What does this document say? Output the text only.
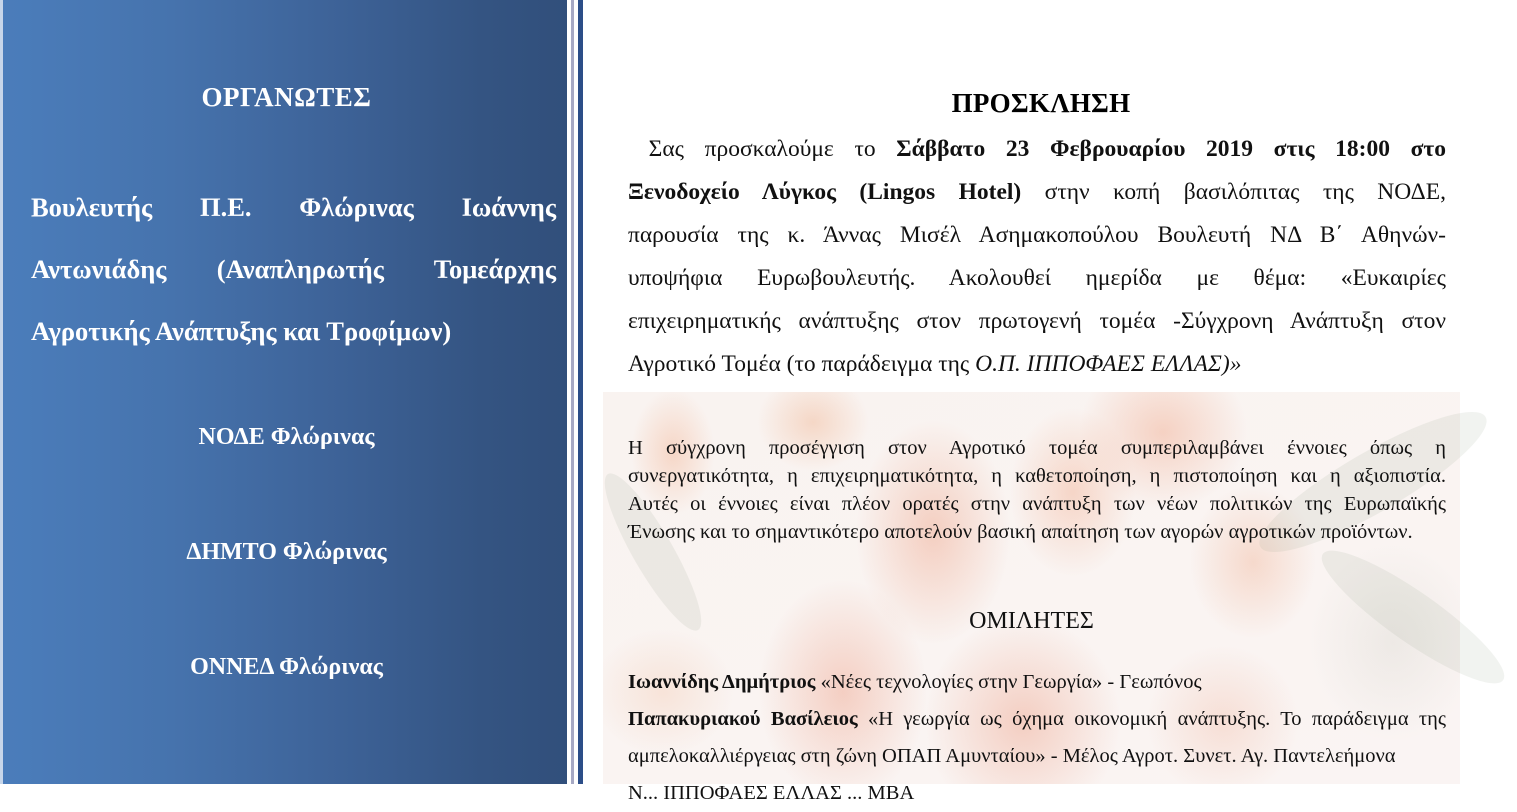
ΟΡΓΑΝΩΤΕΣ
Βουλευτής Π.Ε. Φλώρινας Ιωάννης
Αντωνιάδης (Αναπληρωτής Τομεάρχης
Αγροτικής Ανάπτυξης και Τροφίμων)
ΝΟΔΕ Φλώρινας
ΔΗΜΤΟ Φλώρινας
ΟΝΝΕΔ Φλώρινας
ΠΡΟΣΚΛΗΣΗ
Σας προσκαλούμε το Σάββατο 23 Φεβρουαρίου 2019 στις 18:00 στο
Ξενοδοχείο Λύγκος (Lingos Hotel) στην κοπή βασιλόπιτας της ΝΟΔΕ,
παρουσία της κ. Άννας Μισέλ Ασημακοπούλου Βουλευτή ΝΔ Β΄ Αθηνών-
υποψήφια Ευρωβουλευτής. Ακολουθεί ημερίδα με θέμα: «Ευκαιρίες
επιχειρηματικής ανάπτυξης στον πρωτογενή τομέα -Σύγχρονη Ανάπτυξη στον
Αγροτικό Τομέα (το παράδειγμα της Ο.Π. ΙΠΠΟΦΑΕΣ ΕΛΛΑΣ)»
Η σύγχρονη προσέγγιση στον Αγροτικό τομέα συμπεριλαμβάνει έννοιες όπως η
συνεργατικότητα, η επιχειρηματικότητα, η καθετοποίηση, η πιστοποίηση και η αξιοπιστία.
Αυτές οι έννοιες είναι πλέον ορατές στην ανάπτυξη των νέων πολιτικών της Ευρωπαϊκής
Ένωσης και το σημαντικότερο αποτελούν βασική απαίτηση των αγορών αγροτικών προϊόντων.
ΟΜΙΛΗΤΕΣ
Ιωαννίδης Δημήτριος «Νέες τεχνολογίες στην Γεωργία» - Γεωπόνος
Παπακυριακού Βασίλειος «Η γεωργία ως όχημα οικονομική ανάπτυξης. Το παράδειγμα της
αμπελοκαλλιέργειας στη ζώνη ΟΠΑΠ Αμυνταίου» - Μέλος Αγροτ. Συνετ. Αγ. Παντελεήμονα
Ν... ΙΠΠΟΦΑΕΣ ΕΛΛΑΣ ... MBA
